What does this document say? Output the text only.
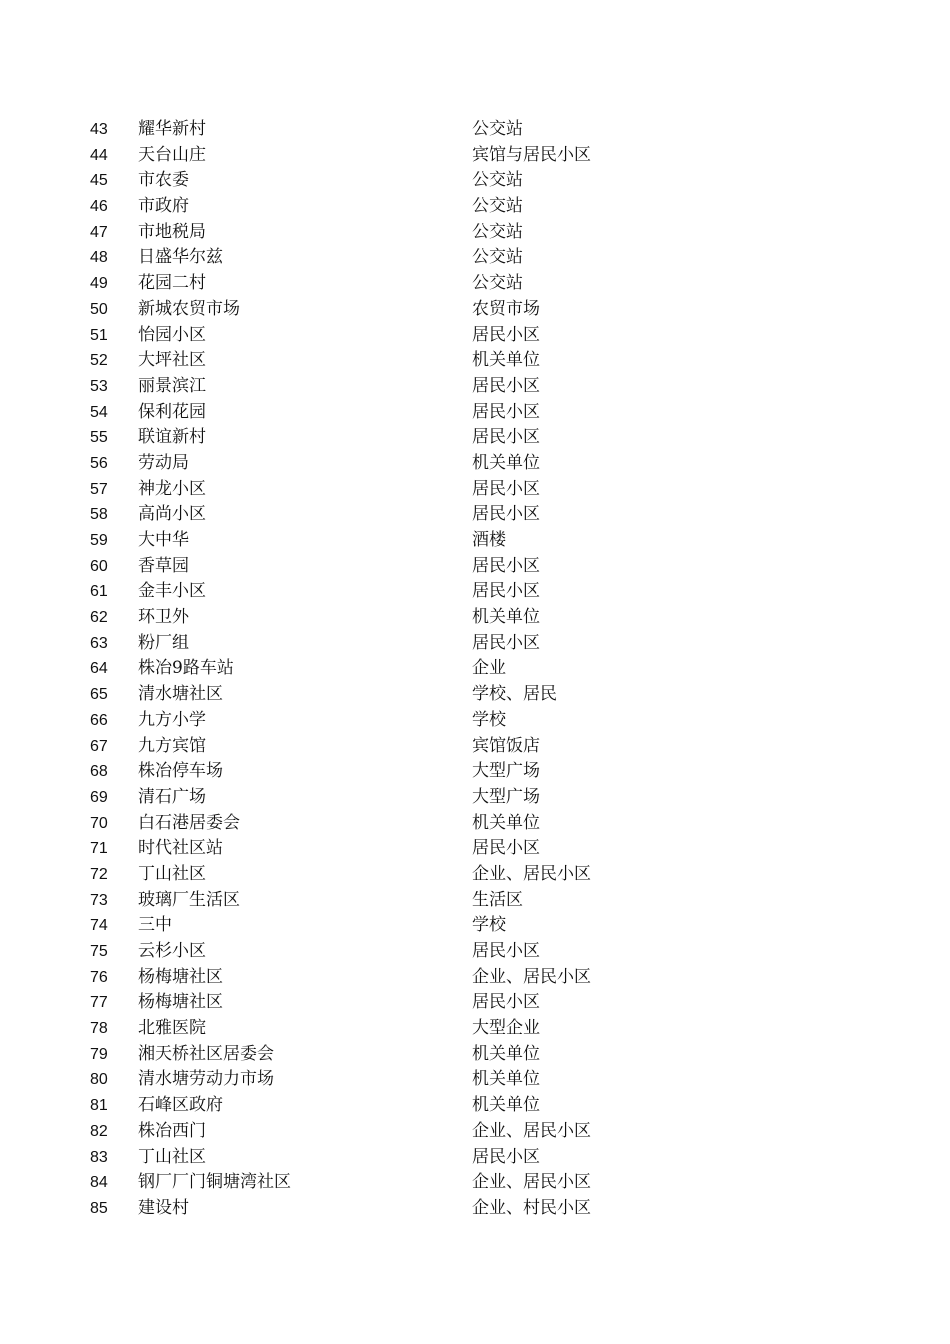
43 耀华新村	公交站
44 天台山庄	宾馆与居民小区
45 市农委	公交站
46 市政府	公交站
47 市地税局	公交站
48 日盛华尔兹	公交站
49 花园二村	公交站
50 新城农贸市场	农贸市场
51 怡园小区	居民小区
52 大坪社区	机关单位
53 丽景滨江	居民小区
54 保利花园	居民小区
55 联谊新村	居民小区
56 劳动局	机关单位
57 神龙小区	居民小区
58 高尚小区	居民小区
59 大中华	酒楼
60 香草园	居民小区
61 金丰小区	居民小区
62 环卫外	机关单位
63 粉厂组	居民小区
64 株冶9路车站	企业
65 清水塘社区	学校、居民
66 九方小学	学校
67 九方宾馆	宾馆饭店
68 株冶停车场	大型广场
69 清石广场	大型广场
70 白石港居委会	机关单位
71 时代社区站	居民小区
72 丁山社区	企业、居民小区
73 玻璃厂生活区	生活区
74 三中	学校
75 云杉小区	居民小区
76 杨梅塘社区	企业、居民小区
77 杨梅塘社区	居民小区
78 北雅医院	大型企业
79 湘天桥社区居委会	机关单位
80 清水塘劳动力市场	机关单位
81 石峰区政府	机关单位
82 株冶西门	企业、居民小区
83 丁山社区	居民小区
84 钢厂厂门铜塘湾社区	企业、居民小区
85 建设村	企业、村民小区
